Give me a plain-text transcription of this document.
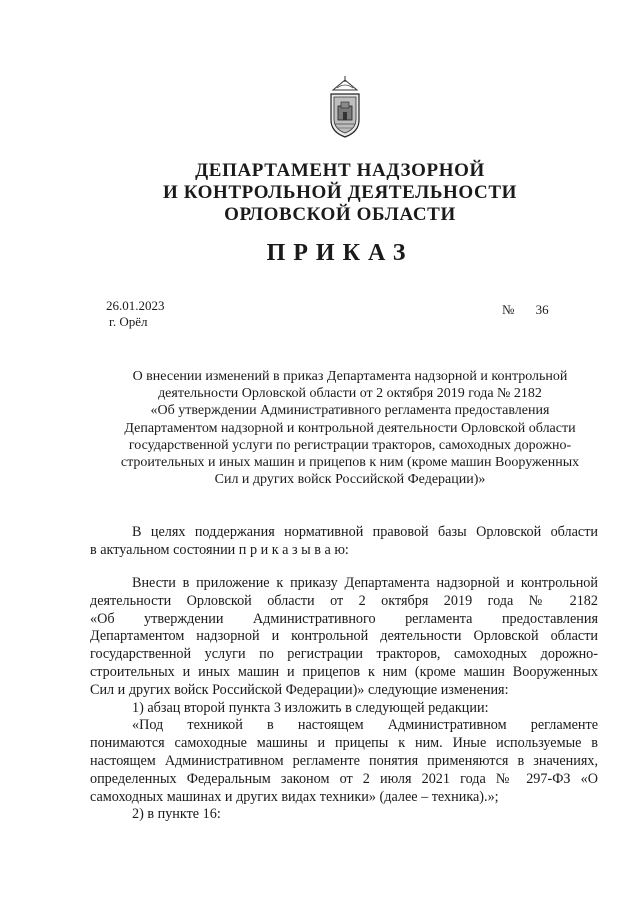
ДЕПАРТАМЕНТ НАДЗОРНОЙ
И КОНТРОЛЬНОЙ ДЕЯТЕЛЬНОСТИ
ОРЛОВСКОЙ ОБЛАСТИ
ПРИКАЗ
26.01.2023
г. Орёл
№ 36
О внесении изменений в приказ Департамента надзорной и контрольной
деятельности Орловской области от 2 октября 2019 года № 2182
«Об утверждении Административного регламента предоставления
Департаментом надзорной и контрольной деятельности Орловской области
государственной услуги по регистрации тракторов, самоходных дорожно-
строительных и иных машин и прицепов к ним (кроме машин Вооруженных
Сил и других войск Российской Федерации)»
В целях поддержания нормативной правовой базы Орловской области
в актуальном состоянии п р и к а з ы в а ю:
Внести в приложение к приказу Департамента надзорной и контрольной
деятельности Орловской области от 2 октября 2019 года № 2182
«Об утверждении Административного регламента предоставления
Департаментом надзорной и контрольной деятельности Орловской области
государственной услуги по регистрации тракторов, самоходных дорожно-
строительных и иных машин и прицепов к ним (кроме машин Вооруженных
Сил и других войск Российской Федерации)» следующие изменения:
1) абзац второй пункта 3 изложить в следующей редакции:
«Под техникой в настоящем Административном регламенте
понимаются самоходные машины и прицепы к ним. Иные используемые в
настоящем Административном регламенте понятия применяются в значениях,
определенных Федеральным законом от 2 июля 2021 года № 297-ФЗ «О
самоходных машинах и других видах техники» (далее – техника).»;
2) в пункте 16:
